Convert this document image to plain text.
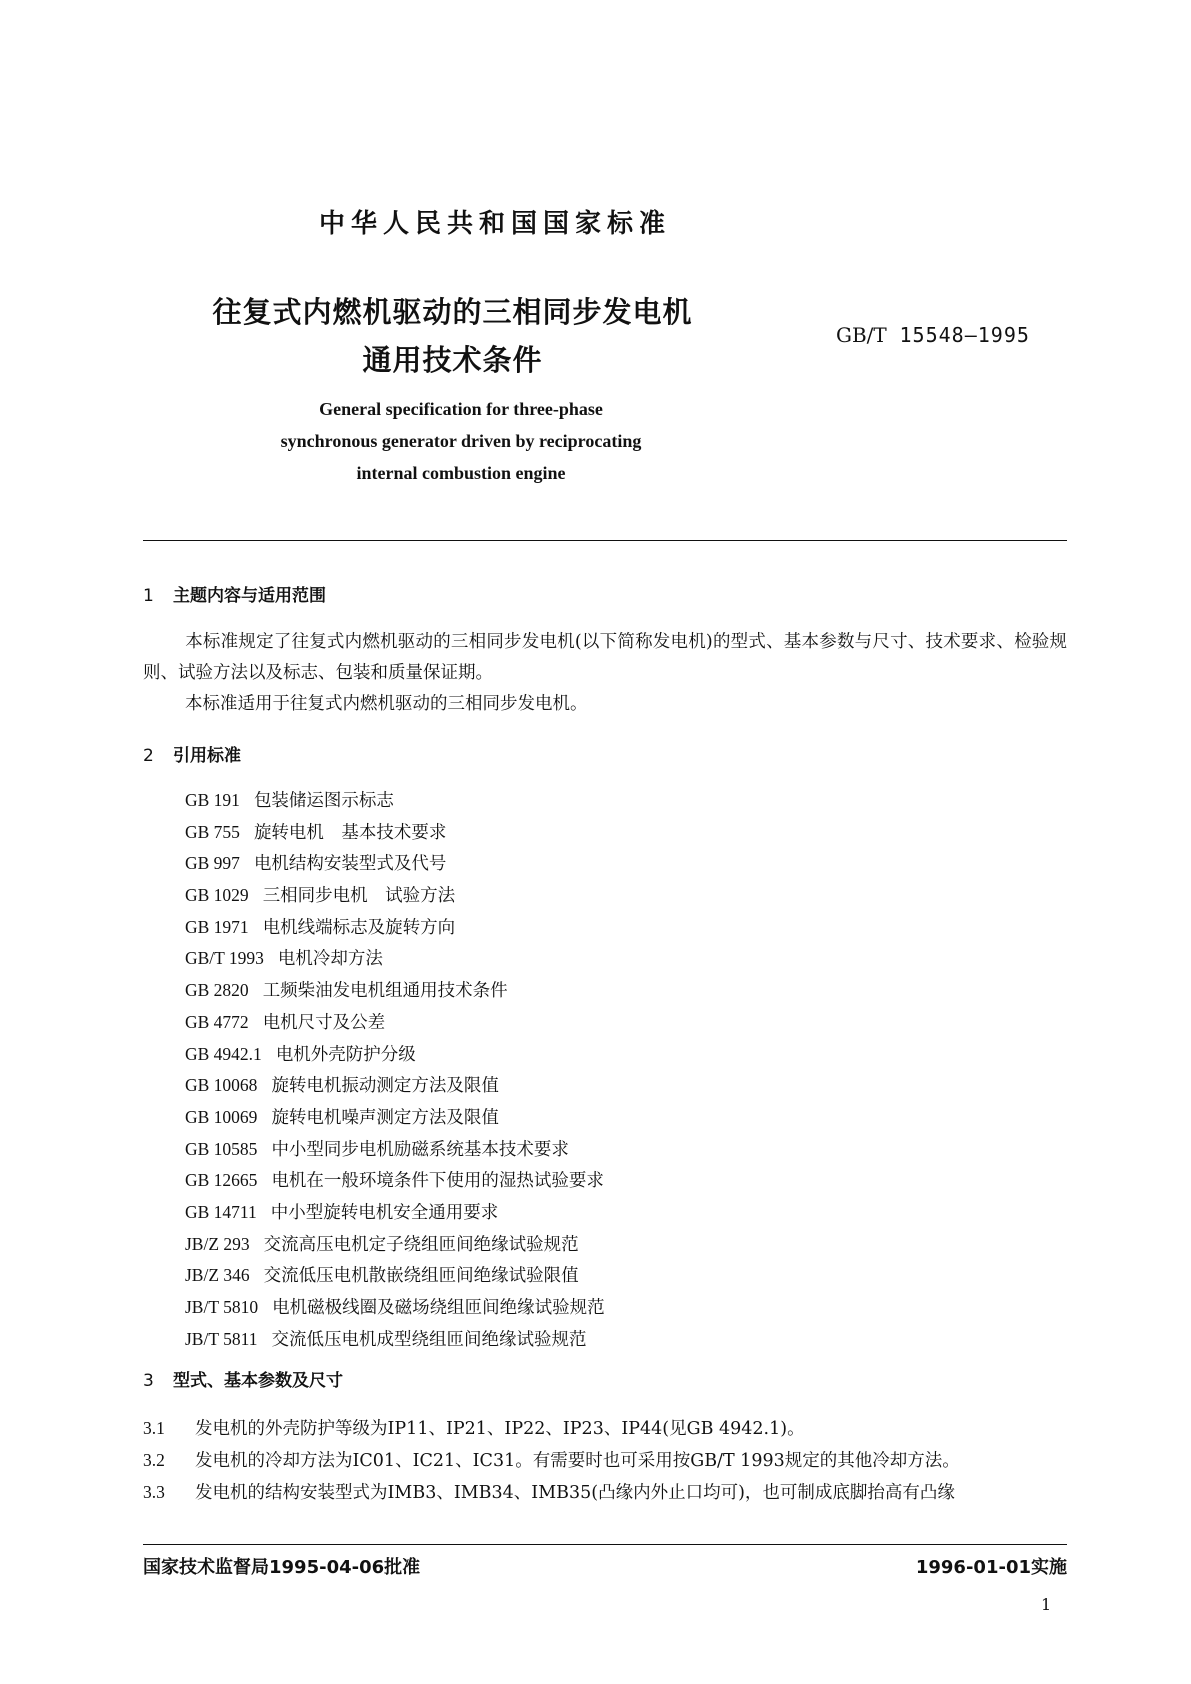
中华人民共和国国家标准
往复式内燃机驱动的三相同步发电机
通用技术条件
GB/T 15548—1995
General specification for three-phase
synchronous generator driven by reciprocating
internal combustion engine
1 主题内容与适用范围
本标准规定了往复式内燃机驱动的三相同步发电机(以下简称发电机)的型式、基本参数与尺寸、技术要求、检验规则、试验方法以及标志、包装和质量保证期。
本标准适用于往复式内燃机驱动的三相同步发电机。
2 引用标准
GB 191 包装储运图示标志
GB 755 旋转电机　基本技术要求
GB 997 电机结构安装型式及代号
GB 1029 三相同步电机　试验方法
GB 1971 电机线端标志及旋转方向
GB/T 1993 电机冷却方法
GB 2820 工频柴油发电机组通用技术条件
GB 4772 电机尺寸及公差
GB 4942.1 电机外壳防护分级
GB 10068 旋转电机振动测定方法及限值
GB 10069 旋转电机噪声测定方法及限值
GB 10585 中小型同步电机励磁系统基本技术要求
GB 12665 电机在一般环境条件下使用的湿热试验要求
GB 14711 中小型旋转电机安全通用要求
JB/Z 293 交流高压电机定子绕组匝间绝缘试验规范
JB/Z 346 交流低压电机散嵌绕组匝间绝缘试验限值
JB/T 5810 电机磁极线圈及磁场绕组匝间绝缘试验规范
JB/T 5811 交流低压电机成型绕组匝间绝缘试验规范
3 型式、基本参数及尺寸
3.1 发电机的外壳防护等级为IP11、IP21、IP22、IP23、IP44(见GB 4942.1)。
3.2 发电机的冷却方法为IC01、IC21、IC31。有需要时也可采用按GB/T 1993规定的其他冷却方法。
3.3 发电机的结构安装型式为IMB3、IMB34、IMB35(凸缘内外止口均可)，也可制成底脚抬高有凸缘
国家技术监督局1995-04-06批准	1996-01-01实施
1
